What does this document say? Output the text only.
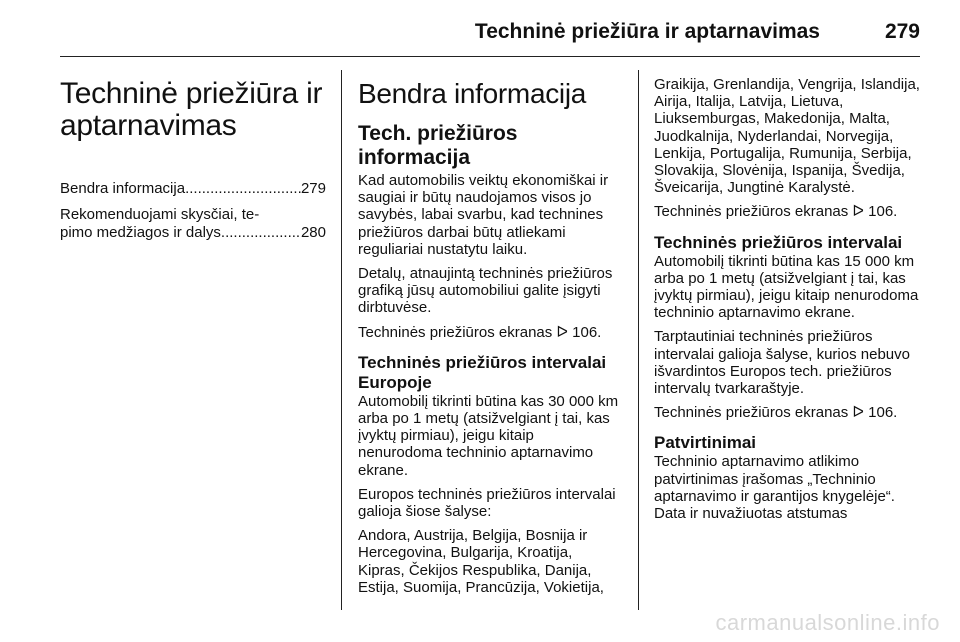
Techninė priežiūra ir aptarnavimas	279
Techninė priežiūra ir
aptarnavimas
Bendra informacija .....	279
Rekomenduojami skysčiai, te-
pimo medžiagos ir dalys .....	280
Bendra informacija
Tech. priežiūros informacija

Kad automobilis veiktų ekonomiškai ir saugiai ir būtų naudojamos visos jo savybės, labai svarbu, kad technines priežiūros darbai būtų atliekami reguliariai nustatytu laiku.

Detalų, atnaujintą techninės priežiūros grafiką jūsų automobiliui galite įsigyti dirbtuvėse.

Techninės priežiūros ekranas ᐅ 106.

Techninės priežiūros intervalai
Europoje

Automobilį tikrinti būtina kas 30 000 km arba po 1 metų (atsižvelgiant į tai, kas įvyktų pirmiau), jeigu kitaip nenurodoma techninio aptarnavimo ekrane.

Europos techninės priežiūros intervalai galioja šiose šalyse:

Andora, Austrija, Belgija, Bosnija ir Hercegovina, Bulgarija, Kroatija, Kipras, Čekijos Respublika, Danija, Estija, Suomija, Prancūzija, Vokietija,

Graikija, Grenlandija, Vengrija, Islandija, Airija, Italija, Latvija, Lietuva, Liuksemburgas, Makedonija, Malta, Juodkalnija, Nyderlandai, Norvegija, Lenkija, Portugalija, Rumunija, Serbija, Slovakija, Slovėnija, Ispanija, Švedija, Šveicarija, Jungtinė Karalystė.

Techninės priežiūros ekranas ᐅ 106.

Techninės priežiūros intervalai

Automobilį tikrinti būtina kas 15 000 km arba po 1 metų (atsižvelgiant į tai, kas įvyktų pirmiau), jeigu kitaip nenurodoma techninio aptarnavimo ekrane.

Tarptautiniai techninės priežiūros intervalai galioja šalyse, kurios nebuvo išvardintos Europos tech. priežiūros intervalų tvarkaraštyje.

Techninės priežiūros ekranas ᐅ 106.

Patvirtinimai

Techninio aptarnavimo atlikimo patvirtinimas įrašomas „Techninio aptarnavimo ir garantijos knygelėje“. Data ir nuvažiuotas atstumas

carmanualsonline.info
